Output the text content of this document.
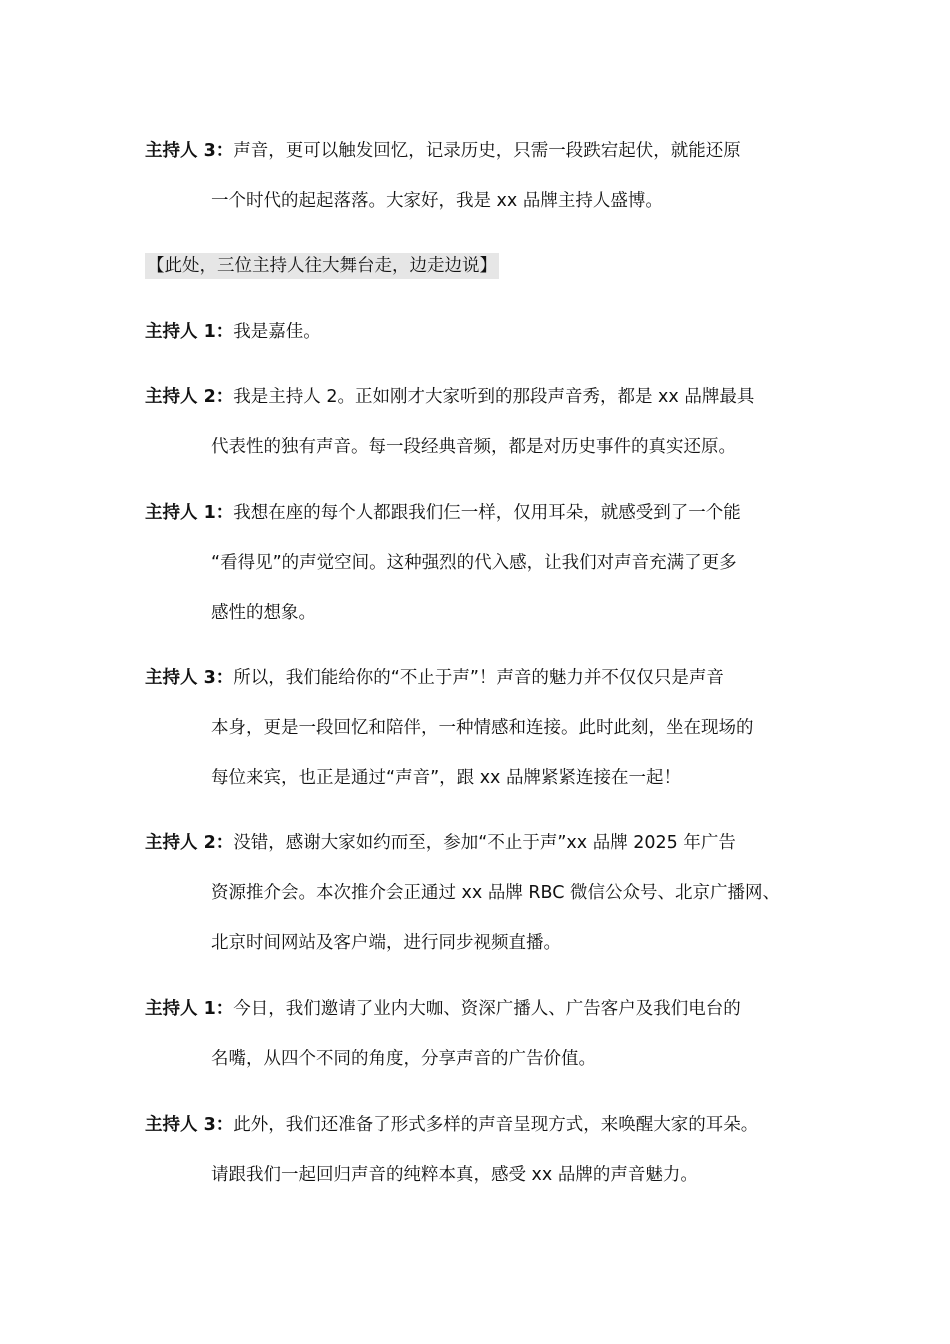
主持人 3：声音，更可以触发回忆，记录历史，只需一段跌宕起伏，就能还原
一个时代的起起落落。大家好，我是 xx 品牌主持人盛博。
【此处，三位主持人往大舞台走，边走边说】
主持人 1：我是嘉佳。
主持人 2：我是主持人 2。正如刚才大家听到的那段声音秀，都是 xx 品牌最具
代表性的独有声音。每一段经典音频，都是对历史事件的真实还原。
主持人 1：我想在座的每个人都跟我们仨一样，仅用耳朵，就感受到了一个能
“看得见”的声觉空间。这种强烈的代入感，让我们对声音充满了更多
感性的想象。
主持人 3：所以，我们能给你的“不止于声”！声音的魅力并不仅仅只是声音
本身，更是一段回忆和陪伴，一种情感和连接。此时此刻，坐在现场的
每位来宾，也正是通过“声音”，跟 xx 品牌紧紧连接在一起！
主持人 2：没错，感谢大家如约而至，参加“不止于声”xx 品牌 2025 年广告
资源推介会。本次推介会正通过 xx 品牌 RBC 微信公众号、北京广播网、
北京时间网站及客户端，进行同步视频直播。
主持人 1：今日，我们邀请了业内大咖、资深广播人、广告客户及我们电台的
名嘴，从四个不同的角度，分享声音的广告价值。
主持人 3：此外，我们还准备了形式多样的声音呈现方式，来唤醒大家的耳朵。
请跟我们一起回归声音的纯粹本真，感受 xx 品牌的声音魅力。
